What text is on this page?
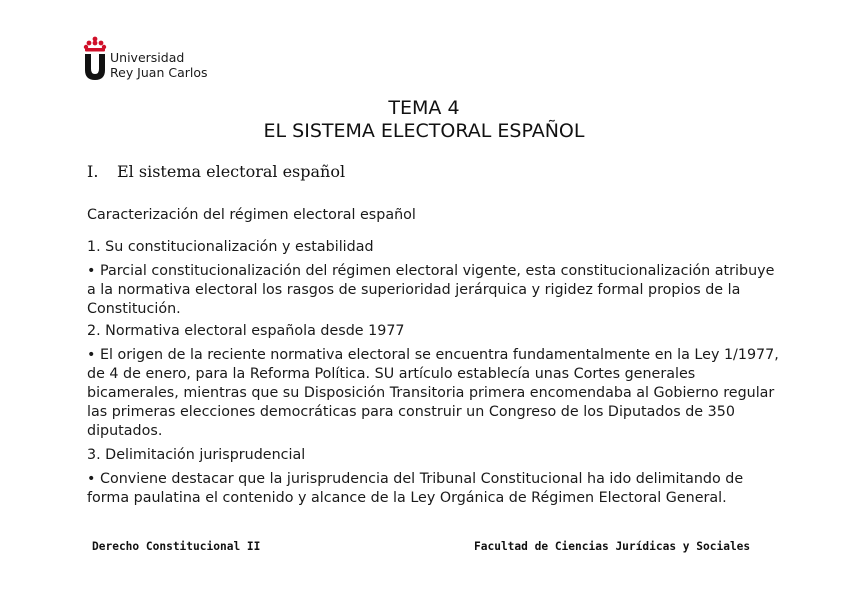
Universidad
Rey Juan Carlos
TEMA 4
EL SISTEMA ELECTORAL ESPAÑOL
I. El sistema electoral español
Caracterización del régimen electoral español
1. Su constitucionalización y estabilidad
• Parcial constitucionalización del régimen electoral vigente, esta constitucionalización atribuye a la normativa electoral los rasgos de superioridad jerárquica y rigidez formal propios de la Constitución.
2. Normativa electoral española desde 1977
• El origen de la reciente normativa electoral se encuentra fundamentalmente en la Ley 1/1977, de 4 de enero, para la Reforma Política. SU artículo establecía unas Cortes generales bicamerales, mientras que su Disposición Transitoria primera encomendaba al Gobierno regular las primeras elecciones democráticas para construir un Congreso de los Diputados de 350 diputados.
3. Delimitación jurisprudencial
• Conviene destacar que la jurisprudencia del Tribunal Constitucional ha ido delimitando de forma paulatina el contenido y alcance de la Ley Orgánica de Régimen Electoral General.
Derecho Constitucional II	Facultad de Ciencias Jurídicas y Sociales
